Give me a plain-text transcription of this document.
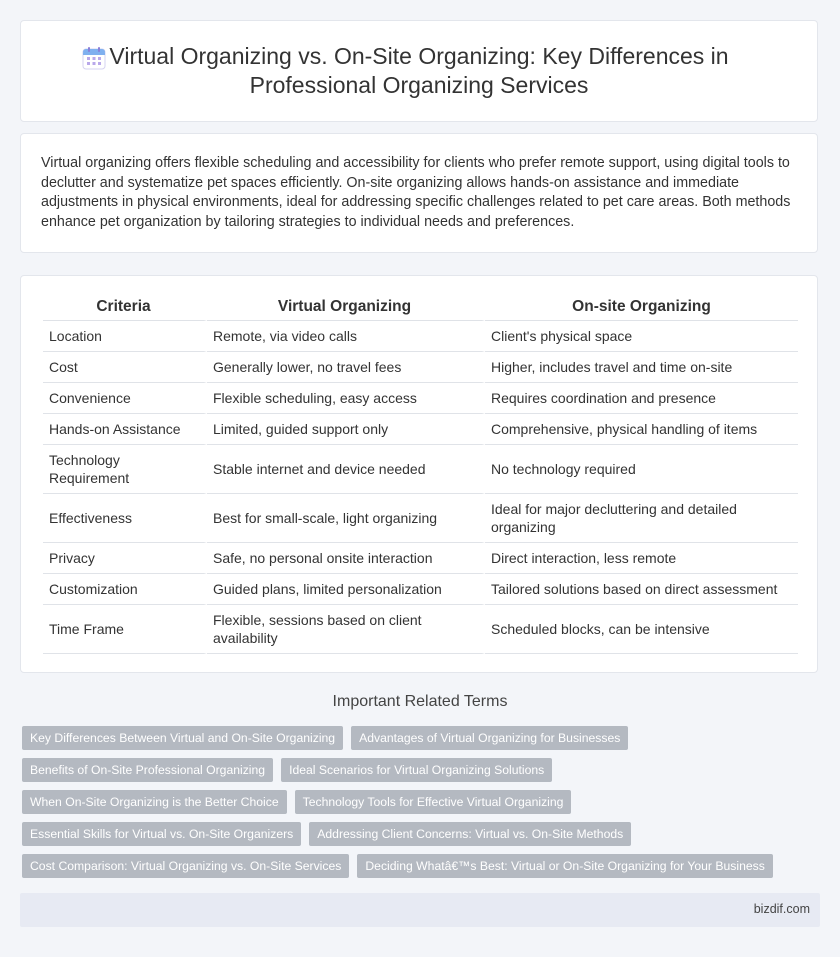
Virtual Organizing vs. On-Site Organizing: Key Differences in Professional Organizing Services

Virtual organizing offers flexible scheduling and accessibility for clients who prefer remote support, using digital tools to declutter and systematize pet spaces efficiently. On-site organizing allows hands-on assistance and immediate adjustments in physical environments, ideal for addressing specific challenges related to pet care areas. Both methods enhance pet organization by tailoring strategies to individual needs and preferences.

Criteria	Virtual Organizing	On-site Organizing
Location	Remote, via video calls	Client's physical space
Cost	Generally lower, no travel fees	Higher, includes travel and time on-site
Convenience	Flexible scheduling, easy access	Requires coordination and presence
Hands-on Assistance	Limited, guided support only	Comprehensive, physical handling of items
Technology Requirement	Stable internet and device needed	No technology required
Effectiveness	Best for small-scale, light organizing	Ideal for major decluttering and detailed organizing
Privacy	Safe, no personal onsite interaction	Direct interaction, less remote
Customization	Guided plans, limited personalization	Tailored solutions based on direct assessment
Time Frame	Flexible, sessions based on client availability	Scheduled blocks, can be intensive
Important Related Terms
Key Differences Between Virtual and On-Site Organizing	Advantages of Virtual Organizing for Businesses
Benefits of On-Site Professional Organizing	Ideal Scenarios for Virtual Organizing Solutions
When On-Site Organizing is the Better Choice	Technology Tools for Effective Virtual Organizing
Essential Skills for Virtual vs. On-Site Organizers	Addressing Client Concerns: Virtual vs. On-Site Methods
Cost Comparison: Virtual Organizing vs. On-Site Services	Deciding Whatâ€™s Best: Virtual or On-Site Organizing for Your Business
bizdif.com
